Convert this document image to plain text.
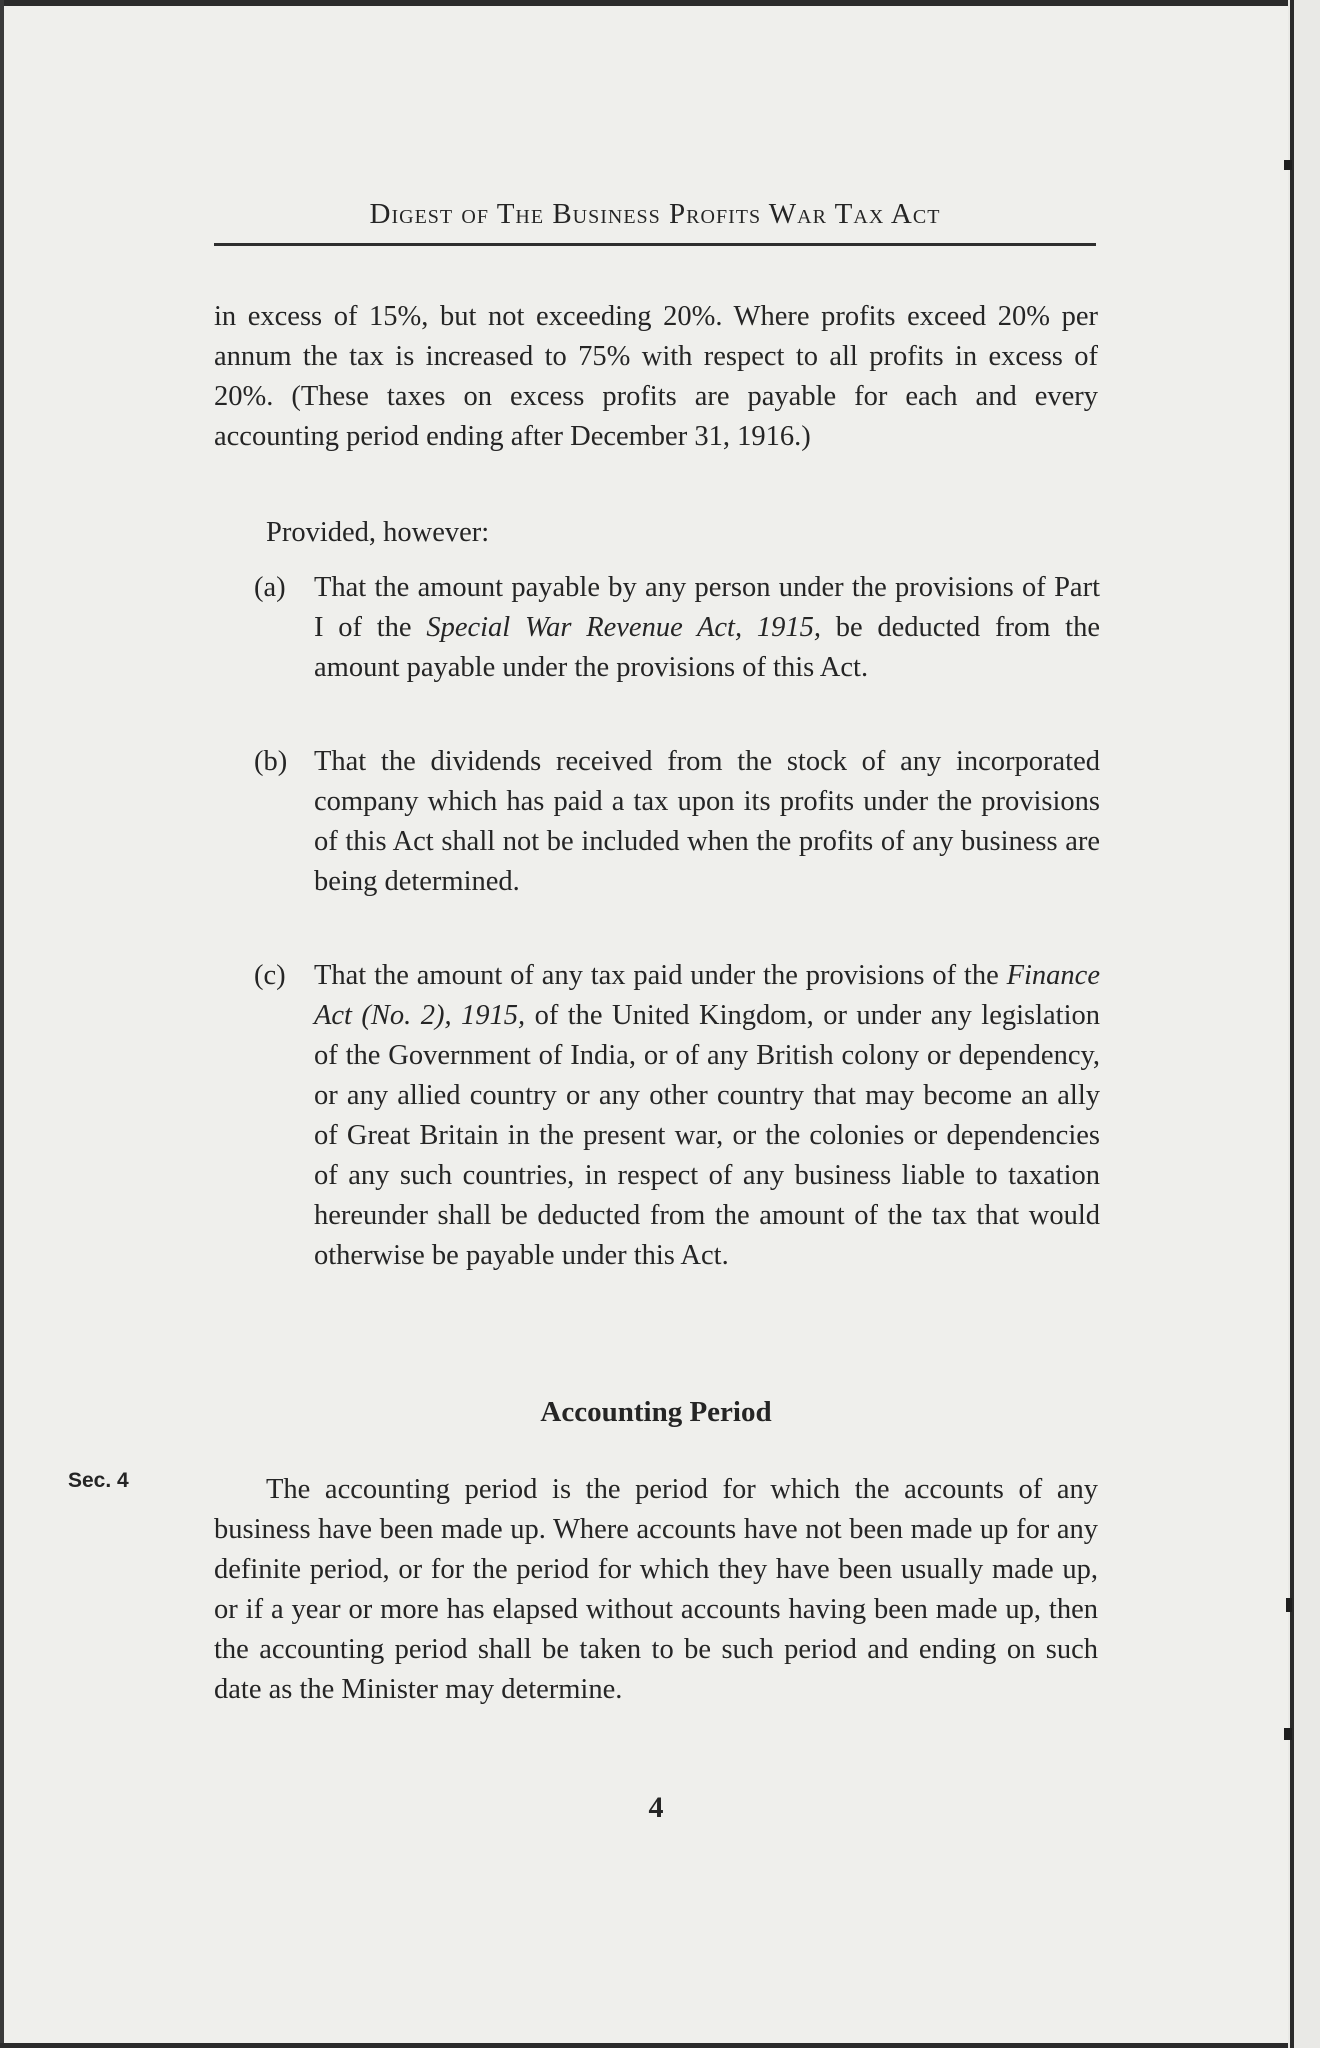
Digest of The Business Profits War Tax Act
in excess of 15%, but not exceeding 20%. Where profits exceed 20% per annum the tax is increased to 75% with respect to all profits in excess of 20%. (These taxes on excess profits are payable for each and every accounting period ending after December 31, 1916.)
Provided, however:
(a) That the amount payable by any person under the provisions of Part I of the Special War Revenue Act, 1915, be deducted from the amount payable under the provisions of this Act.
(b) That the dividends received from the stock of any incorporated company which has paid a tax upon its profits under the provisions of this Act shall not be included when the profits of any business are being determined.
(c) That the amount of any tax paid under the provisions of the Finance Act (No. 2), 1915, of the United Kingdom, or under any legislation of the Government of India, or of any British colony or dependency, or any allied country or any other country that may become an ally of Great Britain in the present war, or the colonies or dependencies of any such countries, in respect of any business liable to taxation hereunder shall be deducted from the amount of the tax that would otherwise be payable under this Act.
Accounting Period
Sec. 4	The accounting period is the period for which the accounts of any business have been made up. Where accounts have not been made up for any definite period, or for the period for which they have been usually made up, or if a year or more has elapsed without accounts having been made up, then the accounting period shall be taken to be such period and ending on such date as the Minister may determine.
4
